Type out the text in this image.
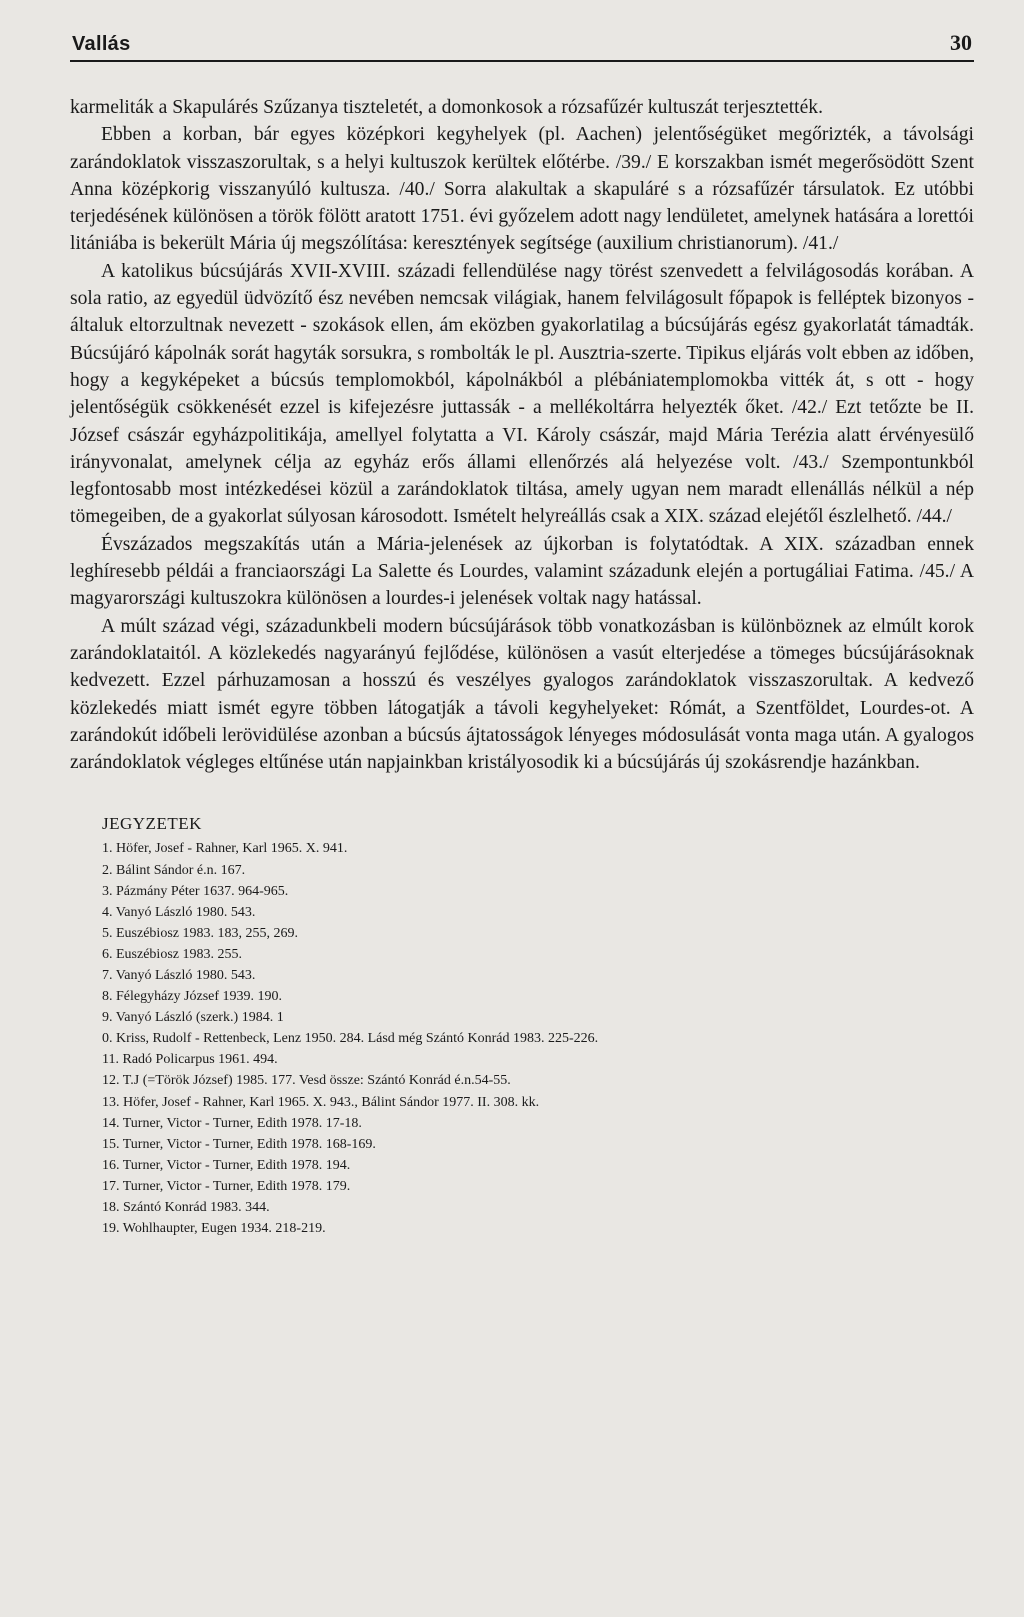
Vallás	30

karmeliták a Skapulárés Szűzanya tiszteletét, a domonkosok a rózsafűzér kultuszát terjesztették.

Ebben a korban, bár egyes középkori kegyhelyek (pl. Aachen) jelentőségüket megőrizték, a távolsági zarándoklatok visszaszorultak, s a helyi kultuszok kerültek előtérbe. /39./ E korszakban ismét megerősödött Szent Anna középkorig visszanyúló kultusza. /40./ Sorra alakultak a skapuláré s a rózsafűzér társulatok. Ez utóbbi terjedésének különösen a török fölött aratott 1751. évi győzelem adott nagy lendületet, amelynek hatására a lorettói litániába is bekerült Mária új megszólítása: keresztények segítsége (auxilium christianorum). /41./

A katolikus búcsújárás XVII-XVIII. századi fellendülése nagy törést szenvedett a felvilágosodás korában. A sola ratio, az egyedül üdvözítő ész nevében nemcsak világiak, hanem felvilágosult főpapok is felléptek bizonyos - általuk eltorzultnak nevezett - szokások ellen, ám eközben gyakorlatilag a búcsújárás egész gyakorlatát támadták. Búcsújáró kápolnák sorát hagyták sorsukra, s rombolták le pl. Ausztria-szerte. Tipikus eljárás volt ebben az időben, hogy a kegyképeket a búcsús templomokból, kápolnákból a plébániatemplomokba vitték át, s ott - hogy jelentőségük csökkenését ezzel is kifejezésre juttassák - a mellékoltárra helyezték őket. /42./ Ezt tetőzte be II. József császár egyházpolitikája, amellyel folytatta a VI. Károly császár, majd Mária Terézia alatt érvényesülő irányvonalat, amelynek célja az egyház erős állami ellenőrzés alá helyezése volt. /43./ Szempontunkból legfontosabb most intézkedései közül a zarándoklatok tiltása, amely ugyan nem maradt ellenállás nélkül a nép tömegeiben, de a gyakorlat súlyosan károsodott. Ismételt helyreállás csak a XIX. század elejétől észlelhető. /44./

Évszázados megszakítás után a Mária-jelenések az újkorban is folytatódtak. A XIX. században ennek leghíresebb példái a franciaországi La Salette és Lourdes, valamint századunk elején a portugáliai Fatima. /45./ A magyarországi kultuszokra különösen a lourdes-i jelenések voltak nagy hatással.

A múlt század végi, századunkbeli modern búcsújárások több vonatkozásban is különböznek az elmúlt korok zarándoklataitól. A közlekedés nagyarányú fejlődése, különösen a vasút elterjedése a tömeges búcsújárásoknak kedvezett. Ezzel párhuzamosan a hosszú és veszélyes gyalogos zarándoklatok visszaszorultak. A kedvező közlekedés miatt ismét egyre többen látogatják a távoli kegyhelyeket: Rómát, a Szentföldet, Lourdes-ot. A zarándokút időbeli lerövidülése azonban a búcsús ájtatosságok lényeges módosulását vonta maga után. A gyalogos zarándoklatok végleges eltűnése után napjainkban kristályosodik ki a búcsújárás új szokásrendje hazánkban.

JEGYZETEK
1. Höfer, Josef - Rahner, Karl 1965. X. 941.
2. Bálint Sándor é.n. 167.
3. Pázmány Péter 1637. 964-965.
4. Vanyó László 1980. 543.
5. Euszébiosz 1983. 183, 255, 269.
6. Euszébiosz 1983. 255.
7. Vanyó László 1980. 543.
8. Félegyházy József 1939. 190.
9. Vanyó László (szerk.) 1984. 1
0. Kriss, Rudolf - Rettenbeck, Lenz 1950. 284. Lásd még Szántó Konrád 1983. 225-226.
11. Radó Policarpus 1961. 494.
12. T.J (=Török József) 1985. 177. Vesd össze: Szántó Konrád é.n.54-55.
13. Höfer, Josef - Rahner, Karl 1965. X. 943., Bálint Sándor 1977. II. 308. kk.
14. Turner, Victor - Turner, Edith 1978. 17-18.
15. Turner, Victor - Turner, Edith 1978. 168-169.
16. Turner, Victor - Turner, Edith 1978. 194.
17. Turner, Victor - Turner, Edith 1978. 179.
18. Szántó Konrád 1983. 344.
19. Wohlhaupter, Eugen 1934. 218-219.
